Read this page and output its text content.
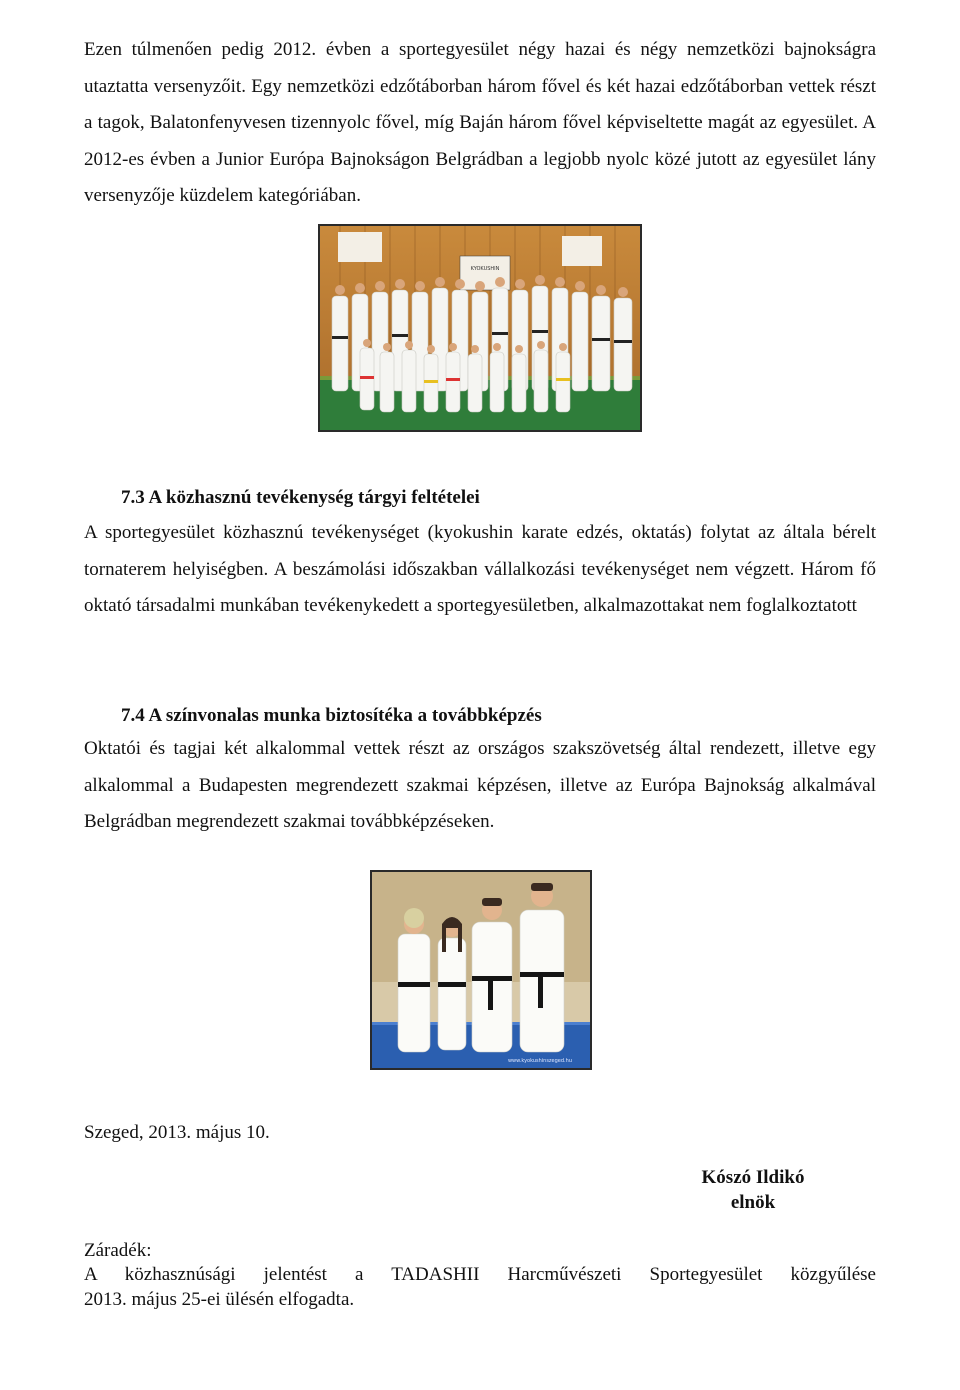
Ezen túlmenően pedig 2012. évben a sportegyesület négy hazai és négy nemzetközi bajnokságra utaztatta versenyzőit. Egy nemzetközi edzőtáborban három fővel és két hazai edzőtáborban vettek részt a tagok, Balatonfenyvesen tizennyolc fővel, míg Baján három fővel képviseltette magát az egyesület. A 2012-es évben a Junior Európa Bajnokságon Belgrádban a legjobb nyolc közé jutott az egyesület lány versenyzője küzdelem kategóriában.

KYOKUSHIN

7.3 A közhasznú tevékenység tárgyi feltételei

A sportegyesület közhasznú tevékenységet (kyokushin karate edzés, oktatás) folytat az általa bérelt tornaterem helyiségben. A beszámolási időszakban vállalkozási tevékenységet nem végzett. Három fő oktató társadalmi munkában tevékenykedett a sportegyesületben, alkalmazottakat nem foglalkoztatott

7.4 A színvonalas munka biztosítéka a továbbképzés

Oktatói és tagjai két alkalommal vettek részt az országos szakszövetség által rendezett, illetve egy alkalommal a Budapesten megrendezett szakmai képzésen, illetve az Európa Bajnokság alkalmával Belgrádban megrendezett szakmai továbbképzéseken.

www.kyokushinszeged.hu

Szeged, 2013. május 10.

Kószó Ildikó
elnök

Záradék:

A közhasznúsági jelentést a TADASHII Harcművészeti Sportegyesület közgyűlése

2013. május 25-ei ülésén elfogadta.
